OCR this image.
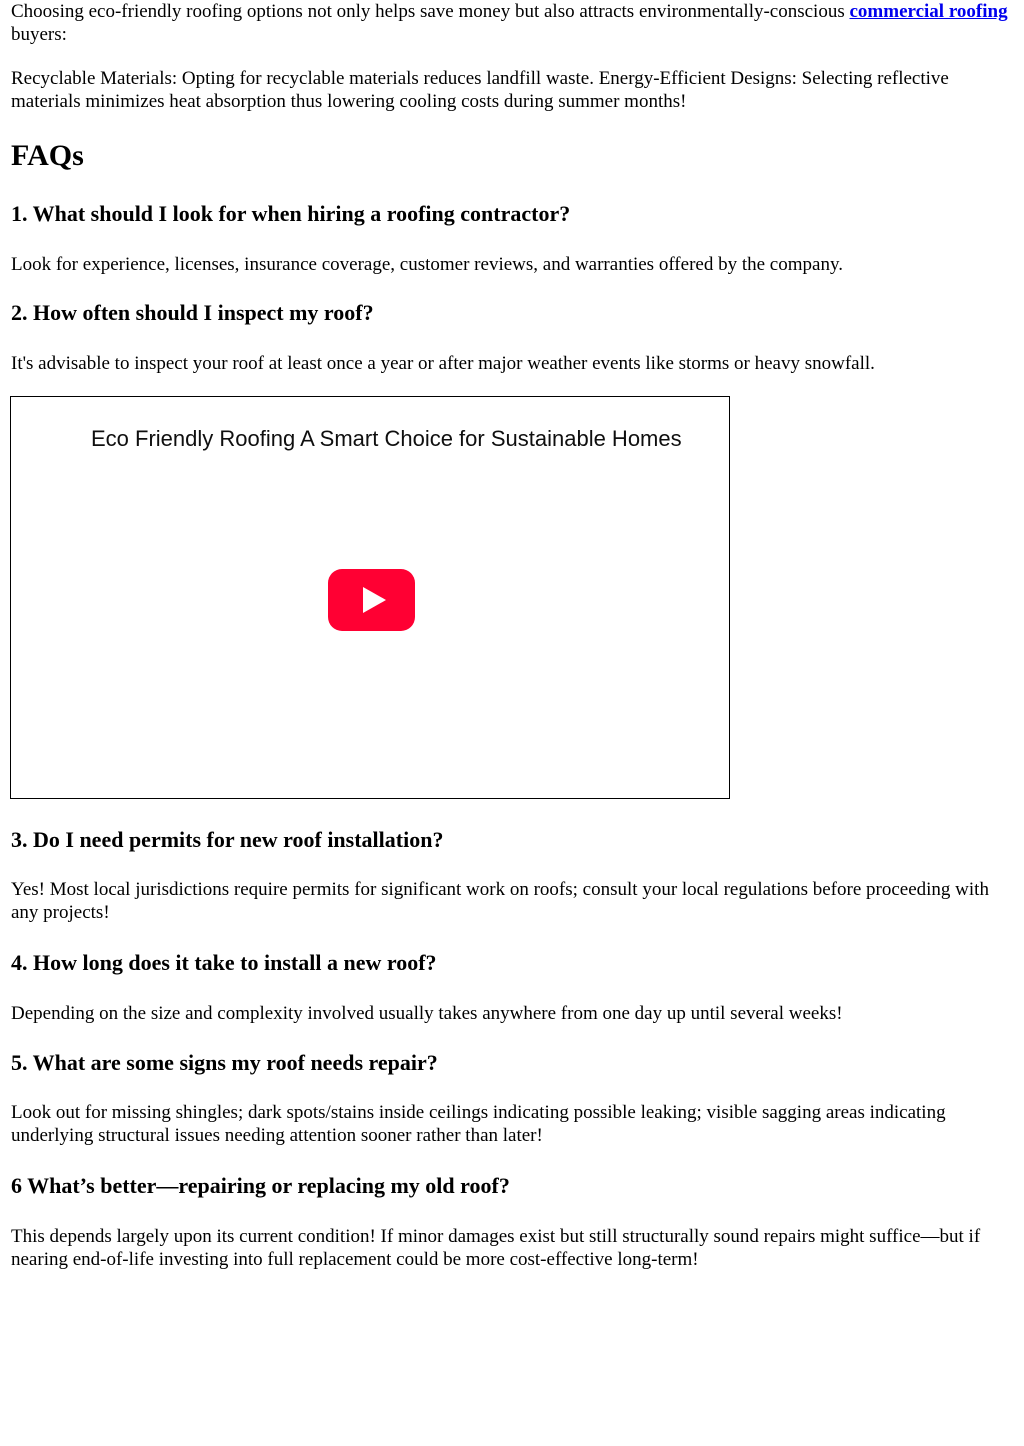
Choosing eco-friendly roofing options not only helps save money but also attracts environmentally-conscious commercial roofing buyers:

Recyclable Materials: Opting for recyclable materials reduces landfill waste. Energy-Efficient Designs: Selecting reflective materials minimizes heat absorption thus lowering cooling costs during summer months!

FAQs
1. What should I look for when hiring a roofing contractor?

Look for experience, licenses, insurance coverage, customer reviews, and warranties offered by the company.

2. How often should I inspect my roof?

It's advisable to inspect your roof at least once a year or after major weather events like storms or heavy snowfall.

Eco Friendly Roofing A Smart Choice for Sustainable Homes
3. Do I need permits for new roof installation?

Yes! Most local jurisdictions require permits for significant work on roofs; consult your local regulations before proceeding with any projects!

4. How long does it take to install a new roof?

Depending on the size and complexity involved usually takes anywhere from one day up until several weeks!

5. What are some signs my roof needs repair?

Look out for missing shingles; dark spots/stains inside ceilings indicating possible leaking; visible sagging areas indicating underlying structural issues needing attention sooner rather than later!

6 What’s better—repairing or replacing my old roof?

This depends largely upon its current condition! If minor damages exist but still structurally sound repairs might suffice—but if nearing end-of-life investing into full replacement could be more cost-effective long-term!
